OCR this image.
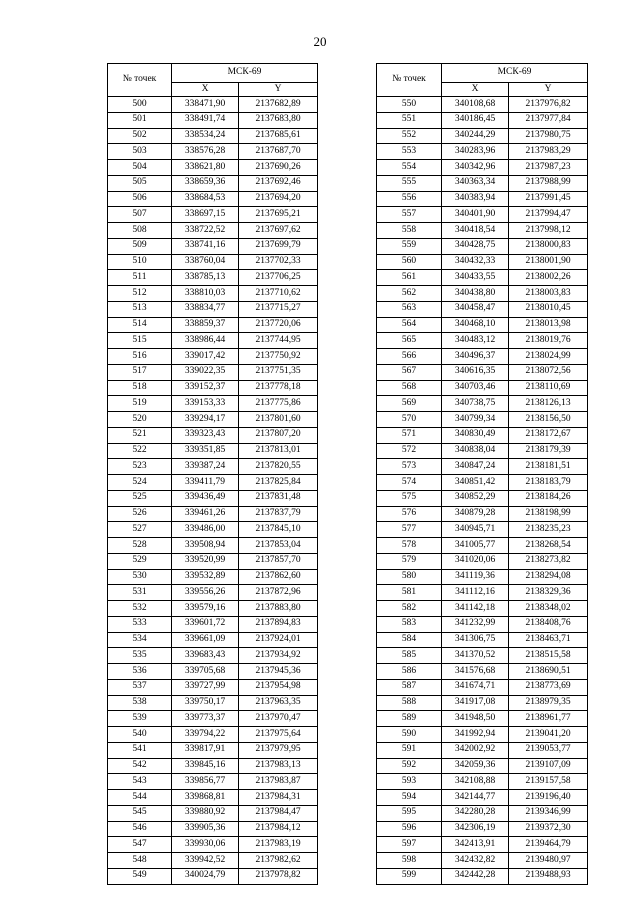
20
№ точек	МСК-69	
	X	Y
500	338471,90	2137682,89
501	338491,74	2137683,80
502	338534,24	2137685,61
503	338576,28	2137687,70
504	338621,80	2137690,26
505	338659,36	2137692,46
506	338684,53	2137694,20
507	338697,15	2137695,21
508	338722,52	2137697,62
509	338741,16	2137699,79
510	338760,04	2137702,33
511	338785,13	2137706,25
512	338810,03	2137710,62
513	338834,77	2137715,27
514	338859,37	2137720,06
515	338986,44	2137744,95
516	339017,42	2137750,92
517	339022,35	2137751,35
518	339152,37	2137778,18
519	339153,33	2137775,86
520	339294,17	2137801,60
521	339323,43	2137807,20
522	339351,85	2137813,01
523	339387,24	2137820,55
524	339411,79	2137825,84
525	339436,49	2137831,48
526	339461,26	2137837,79
527	339486,00	2137845,10
528	339508,94	2137853,04
529	339520,99	2137857,70
530	339532,89	2137862,60
531	339556,26	2137872,96
532	339579,16	2137883,80
533	339601,72	2137894,83
534	339661,09	2137924,01
535	339683,43	2137934,92
536	339705,68	2137945,36
537	339727,99	2137954,98
538	339750,17	2137963,35
539	339773,37	2137970,47
540	339794,22	2137975,64
541	339817,91	2137979,95
542	339845,16	2137983,13
543	339856,77	2137983,87
544	339868,81	2137984,31
545	339880,92	2137984,47
546	339905,36	2137984,12
547	339930,06	2137983,19
548	339942,52	2137982,62
549	340024,79	2137978,82
№ точек	МСК-69	
	X	Y
550	340108,68	2137976,82
551	340186,45	2137977,84
552	340244,29	2137980,75
553	340283,96	2137983,29
554	340342,96	2137987,23
555	340363,34	2137988,99
556	340383,94	2137991,45
557	340401,90	2137994,47
558	340418,54	2137998,12
559	340428,75	2138000,83
560	340432,33	2138001,90
561	340433,55	2138002,26
562	340438,80	2138003,83
563	340458,47	2138010,45
564	340468,10	2138013,98
565	340483,12	2138019,76
566	340496,37	2138024,99
567	340616,35	2138072,56
568	340703,46	2138110,69
569	340738,75	2138126,13
570	340799,34	2138156,50
571	340830,49	2138172,67
572	340838,04	2138179,39
573	340847,24	2138181,51
574	340851,42	2138183,79
575	340852,29	2138184,26
576	340879,28	2138198,99
577	340945,71	2138235,23
578	341005,77	2138268,54
579	341020,06	2138273,82
580	341119,36	2138294,08
581	341112,16	2138329,36
582	341142,18	2138348,02
583	341232,99	2138408,76
584	341306,75	2138463,71
585	341370,52	2138515,58
586	341576,68	2138690,51
587	341674,71	2138773,69
588	341917,08	2138979,35
589	341948,50	2138961,77
590	341992,94	2139041,20
591	342002,92	2139053,77
592	342059,36	2139107,09
593	342108,88	2139157,58
594	342144,77	2139196,40
595	342280,28	2139346,99
596	342306,19	2139372,30
597	342413,91	2139464,79
598	342432,82	2139480,97
599	342442,28	2139488,93
